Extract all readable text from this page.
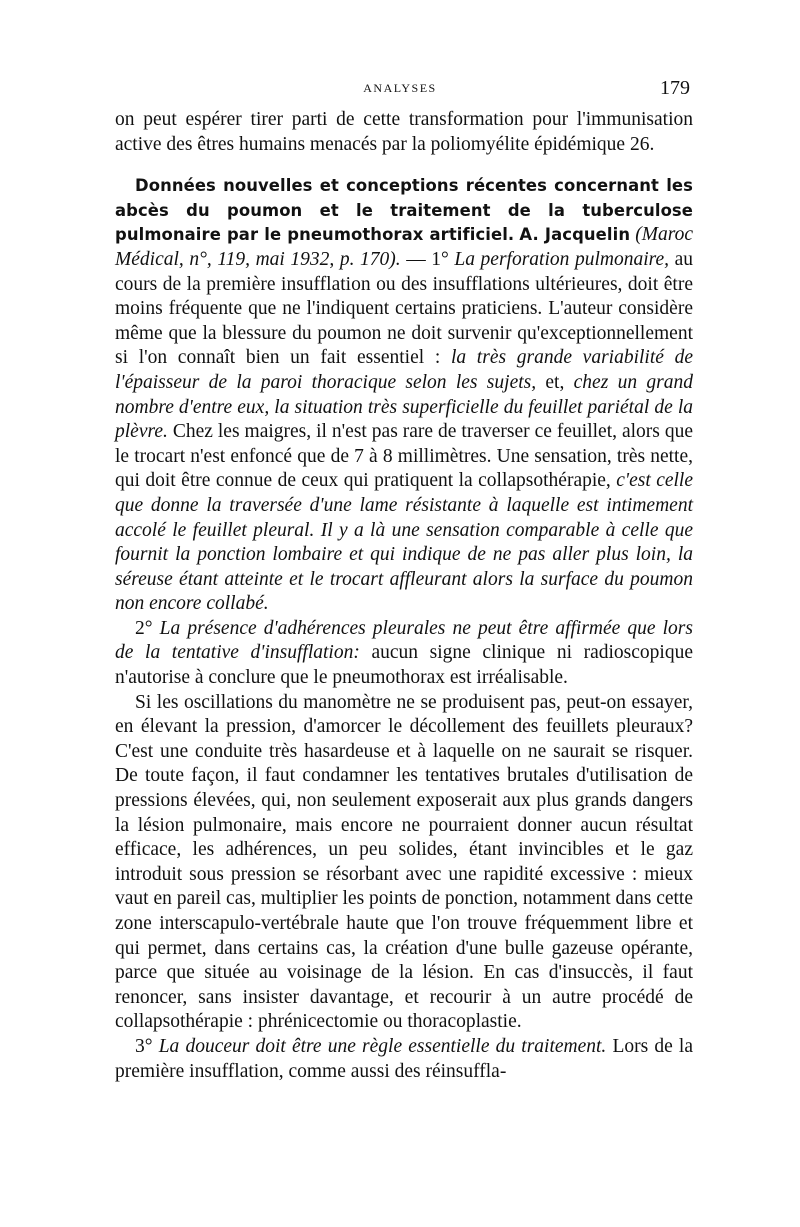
ANALYSES	179

on peut espérer tirer parti de cette transformation pour l'immunisation active des êtres humains menacés par la poliomyélite épidémique 26.

Données nouvelles et conceptions récentes concernant les abcès du poumon et le traitement de la tuberculose pulmonaire par le pneumothorax artificiel. A. Jacquelin (Maroc Médical, n°, 119, mai 1932, p. 170). — 1° La perforation pulmonaire, au cours de la première insufflation ou des insufflations ultérieures, doit être moins fréquente que ne l'indiquent certains praticiens. L'auteur considère même que la blessure du poumon ne doit survenir qu'exceptionnellement si l'on connaît bien un fait essentiel : la très grande variabilité de l'épaisseur de la paroi thoracique selon les sujets, et, chez un grand nombre d'entre eux, la situation très superficielle du feuillet pariétal de la plèvre. Chez les maigres, il n'est pas rare de traverser ce feuillet, alors que le trocart n'est enfoncé que de 7 à 8 millimètres. Une sensation, très nette, qui doit être connue de ceux qui pratiquent la collapsothérapie, c'est celle que donne la traversée d'une lame résistante à laquelle est intimement accolé le feuillet pleural. Il y a là une sensation comparable à celle que fournit la ponction lombaire et qui indique de ne pas aller plus loin, la séreuse étant atteinte et le trocart affleurant alors la surface du poumon non encore collabé.

2° La présence d'adhérences pleurales ne peut être affirmée que lors de la tentative d'insufflation: aucun signe clinique ni radioscopique n'autorise à conclure que le pneumothorax est irréalisable.

Si les oscillations du manomètre ne se produisent pas, peut-on essayer, en élevant la pression, d'amorcer le décollement des feuillets pleuraux? C'est une conduite très hasardeuse et à laquelle on ne saurait se risquer. De toute façon, il faut condamner les tentatives brutales d'utilisation de pressions élevées, qui, non seulement exposerait aux plus grands dangers la lésion pulmonaire, mais encore ne pourraient donner aucun résultat efficace, les adhérences, un peu solides, étant invincibles et le gaz introduit sous pression se résorbant avec une rapidité excessive : mieux vaut en pareil cas, multiplier les points de ponction, notamment dans cette zone interscapulo-vertébrale haute que l'on trouve fréquemment libre et qui permet, dans certains cas, la création d'une bulle gazeuse opérante, parce que située au voisinage de la lésion. En cas d'insuccès, il faut renoncer, sans insister davantage, et recourir à un autre procédé de collapsothérapie : phrénicectomie ou thoracoplastie.

3° La douceur doit être une règle essentielle du traitement. Lors de la première insufflation, comme aussi des réinsuffla-
